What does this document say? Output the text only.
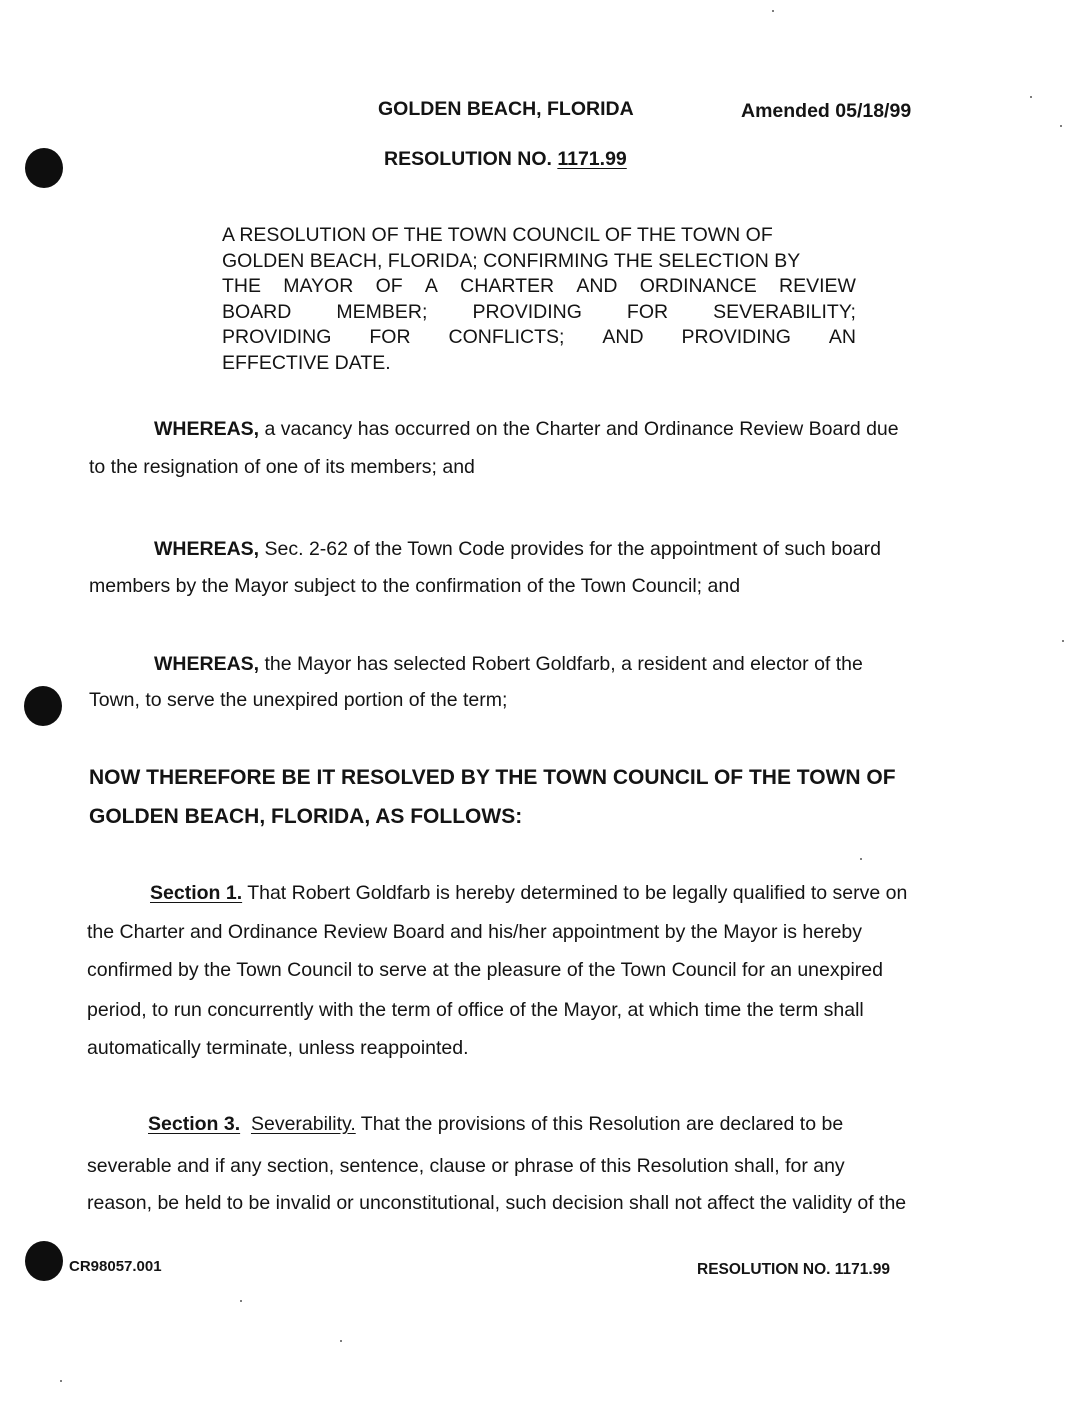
GOLDEN BEACH, FLORIDA	Amended 05/18/99
RESOLUTION NO. 1171.99
A RESOLUTION OF THE TOWN COUNCIL OF THE TOWN OF
GOLDEN BEACH, FLORIDA; CONFIRMING THE SELECTION BY
THE MAYOR OF A CHARTER AND ORDINANCE REVIEW
BOARD MEMBER; PROVIDING FOR SEVERABILITY;
PROVIDING FOR CONFLICTS; AND PROVIDING AN
EFFECTIVE DATE.
WHEREAS, a vacancy has occurred on the Charter and Ordinance Review Board due
to the resignation of one of its members; and
WHEREAS, Sec. 2-62 of the Town Code provides for the appointment of such board
members by the Mayor subject to the confirmation of the Town Council; and
WHEREAS, the Mayor has selected Robert Goldfarb, a resident and elector of the
Town, to serve the unexpired portion of the term;
NOW THEREFORE BE IT RESOLVED BY THE TOWN COUNCIL OF THE TOWN OF
GOLDEN BEACH, FLORIDA, AS FOLLOWS:
Section 1. That Robert Goldfarb is hereby determined to be legally qualified to serve on
the Charter and Ordinance Review Board and his/her appointment by the Mayor is hereby
confirmed by the Town Council to serve at the pleasure of the Town Council for an unexpired
period, to run concurrently with the term of office of the Mayor, at which time the term shall
automatically terminate, unless reappointed.
Section 3. Severability. That the provisions of this Resolution are declared to be
severable and if any section, sentence, clause or phrase of this Resolution shall, for any
reason, be held to be invalid or unconstitutional, such decision shall not affect the validity of the
CR98057.001	RESOLUTION NO. 1171.99
